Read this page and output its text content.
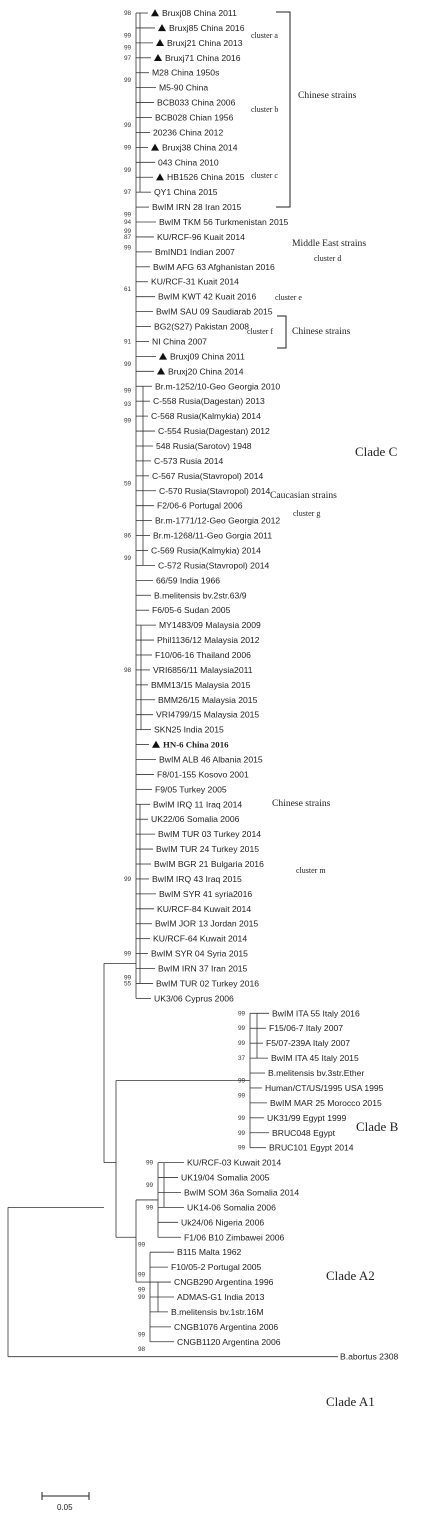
Bruxj08 China 2011
Bruxj85 China 2016
Bruxj21 China 2013
Bruxj71 China 2016
M28 China 1950s
M5-90 China
BCB033 China 2006
BCB028 Chian 1956
20236 China 2012
Bruxj38 China 2014
043 China 2010
HB1526 China 2015
QY1 China 2015
BwIM IRN 28 Iran 2015
BwIM TKM 56 Turkmenistan 2015
KU/RCF-96 Kuait 2014
BmIND1 Indian 2007
BwIM AFG 63 Afghanistan 2016
KU/RCF-31 Kuait 2014
BwIM KWT 42 Kuait 2016
BwIM SAU 09 Saudiarab 2015
BG2(S27) Pakistan 2008
NI China 2007
Bruxj09 China 2011
Bruxj20 China 2014
Br.m-1252/10-Geo Georgia 2010
C-558 Rusia(Dagestan) 2013
C-568 Rusia(Kalmykia) 2014
C-554 Rusia(Dagestan) 2012
548 Rusia(Sarotov) 1948
C-573 Rusia 2014
C-567 Rusia(Stavropol) 2014
C-570 Rusia(Stavropol) 2014
F2/06-6 Portugal 2006
Br.m-1771/12-Geo Georgia 2012
Br.m-1268/11-Geo Gorgia 2011
C-569 Rusia(Kalmykia) 2014
C-572 Rusia(Stavropol) 2014
66/59 India 1966
B.melitensis bv.2str.63/9
F6/05-6 Sudan 2005
MY1483/09 Malaysia 2009
Phil1136/12 Malaysia 2012
F10/06-16 Thailand 2006
VRI6856/11 Malaysia2011
BMM13/15 Malaysia 2015
BMM26/15 Malaysia 2015
VRI4799/15 Malaysia 2015
SKN25 India 2015
HN-6 China 2016
BwIM ALB 46 Albania 2015
F8/01-155 Kosovo 2001
F9/05 Turkey 2005
BwIM IRQ 11 Iraq 2014
UK22/06 Somalia 2006
BwIM TUR 03 Turkey 2014
BwIM TUR 24 Turkey 2015
BwIM BGR 21 Bulgaria 2016
BwIM IRQ 43 Iraq 2015
BwIM SYR 41 syria2016
KU/RCF-84 Kuwait 2014
BwIM JOR 13 Jordan 2015
KU/RCF-64 Kuwait 2014
BwIM SYR 04 Syria 2015
BwIM IRN 37 Iran 2015
BwIM TUR 02 Turkey 2016
UK3/06 Cyprus 2006
BwIM ITA 55 Italy 2016
F15/06-7 Italy 2007
F5/07-239A Italy 2007
BwIM ITA 45 Italy 2015
B.melitensis bv.3str.Ether
Human/CT/US/1995 USA 1995
BwIM MAR 25 Morocco 2015
UK31/99 Egypt 1999
BRUC048 Egypt
BRUC101 Egypt 2014
KU/RCF-03 Kuwait 2014
UK19/04 Somalia 2005
BwIM SOM 36a Somalia 2014
UK14-06 Somalia 2006
Uk24/06 Nigeria 2006
F1/06 B10 Zimbawei 2006
B115 Malta 1962
F10/05-2 Portugal 2005
CNGB290 Argentina 1996
ADMAS-G1 India 2013
B.melitensis bv.1str.16M
CNGB1076 Argentina 2006
CNGB1120 Argentina 2006
B.abortus 2308
98
99
99
97
99
99
99
99
97
99
94
99
87
99
61
91
99
99
93
99
59
86
99
98
99
99
99
55
99
99
99
37
99
99
99
99
99
99
99
99
99
99
99
98
99
99
cluster a
cluster b
cluster c
Chinese strains
Middle East strains
cluster d
cluster e
cluster f Chinese strains
Clade C
Caucasian strains
cluster g
Chinese strains
cluster m
Clade B
Clade A2
Clade A1
0.05
